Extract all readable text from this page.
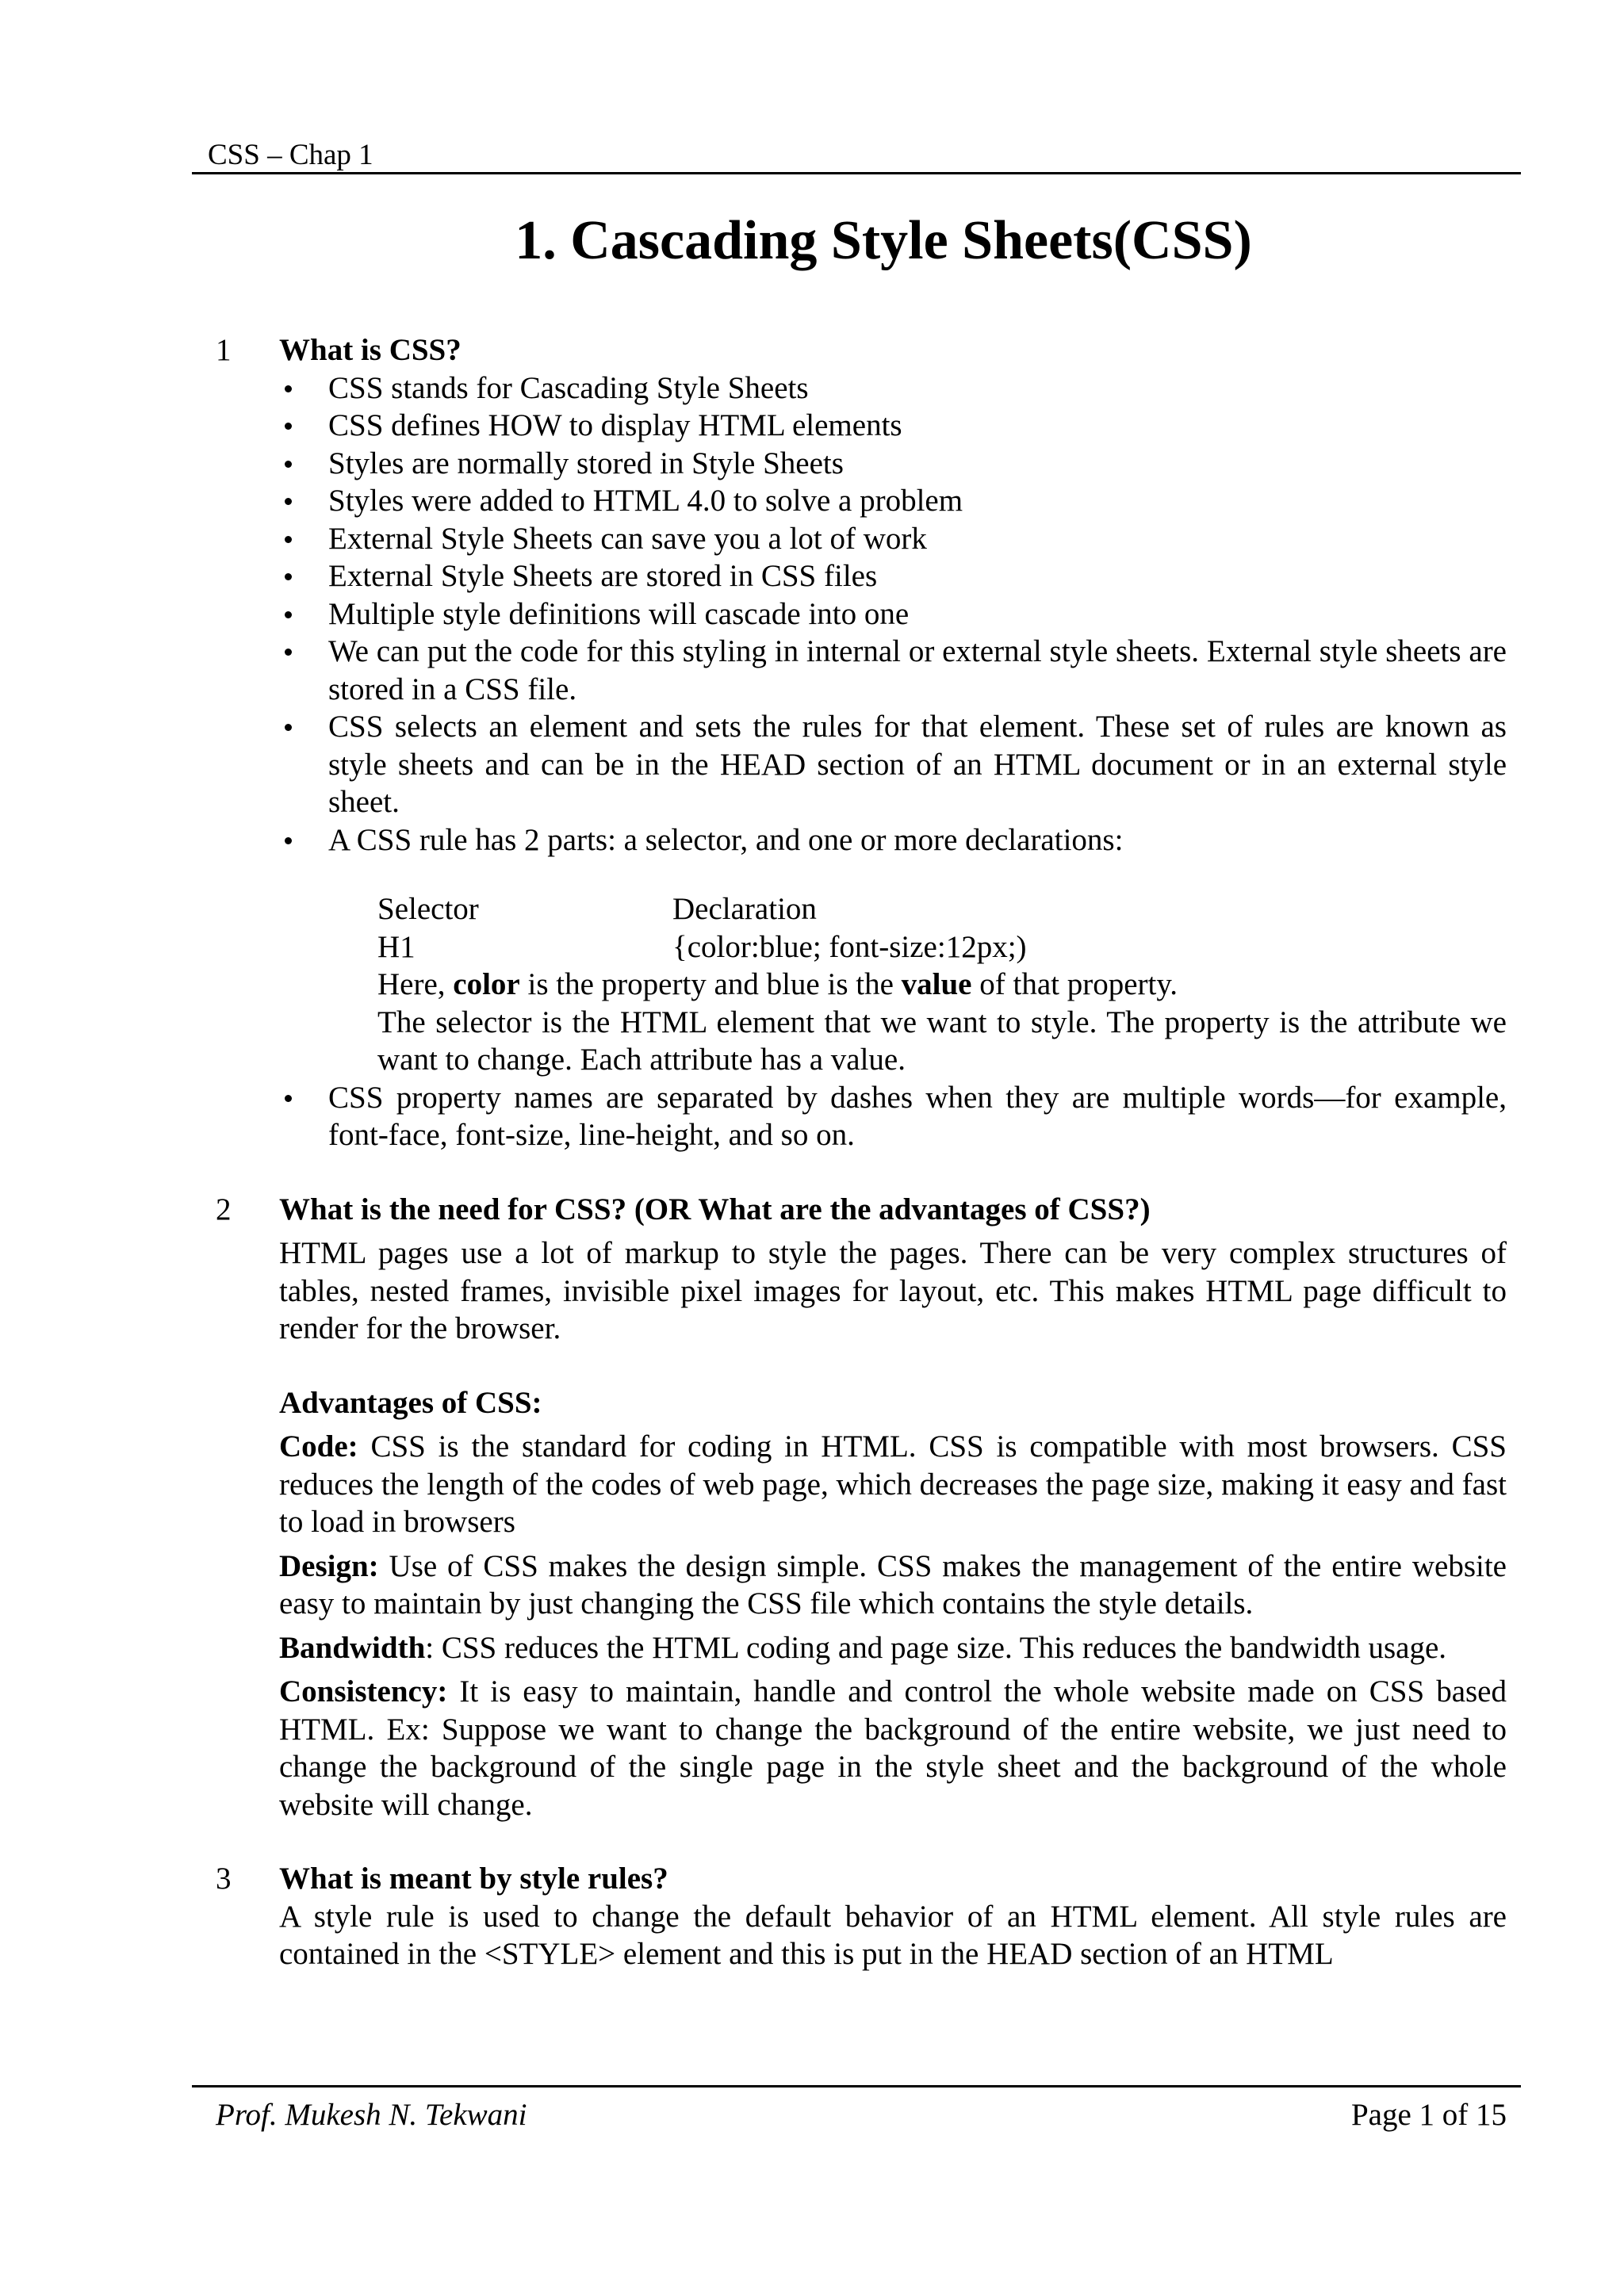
CSS – Chap 1
1. Cascading Style Sheets(CSS)
1 What is CSS?
CSS stands for Cascading Style Sheets
CSS defines HOW to display HTML elements
Styles are normally stored in Style Sheets
Styles were added to HTML 4.0 to solve a problem
External Style Sheets can save you a lot of work
External Style Sheets are stored in CSS files
Multiple style definitions will cascade into one
We can put the code for this styling in internal or external style sheets. External style sheets are stored in a CSS file.
CSS selects an element and sets the rules for that element. These set of rules are known as style sheets and can be in the HEAD section of an HTML document or in an external style sheet.
A CSS rule has 2 parts: a selector, and one or more declarations:
Selector	Declaration
H1	{color:blue; font-size:12px;)
Here, color is the property and blue is the value of that property.
The selector is the HTML element that we want to style. The property is the attribute we want to change. Each attribute has a value.
CSS property names are separated by dashes when they are multiple words—for example, font-face, font-size, line-height, and so on.
2 What is the need for CSS? (OR What are the advantages of CSS?)
HTML pages use a lot of markup to style the pages. There can be very complex structures of tables, nested frames, invisible pixel images for layout, etc. This makes HTML page difficult to render for the browser.
Advantages of CSS:
Code: CSS is the standard for coding in HTML. CSS is compatible with most browsers. CSS reduces the length of the codes of web page, which decreases the page size, making it easy and fast to load in browsers
Design: Use of CSS makes the design simple. CSS makes the management of the entire website easy to maintain by just changing the CSS file which contains the style details.
Bandwidth: CSS reduces the HTML coding and page size. This reduces the bandwidth usage.
Consistency: It is easy to maintain, handle and control the whole website made on CSS based HTML. Ex: Suppose we want to change the background of the entire website, we just need to change the background of the single page in the style sheet and the background of the whole website will change.
3 What is meant by style rules?
A style rule is used to change the default behavior of an HTML element. All style rules are contained in the <STYLE> element and this is put in the HEAD section of an HTML
Prof. Mukesh N. Tekwani	Page 1 of 15
